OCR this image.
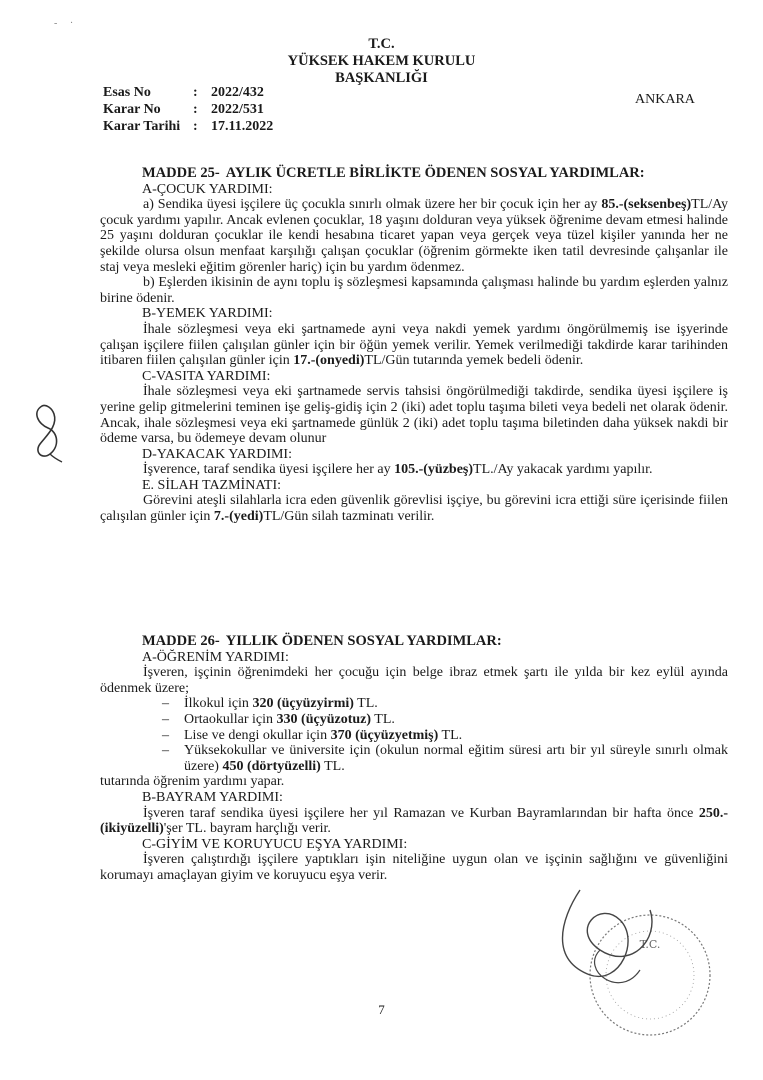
-     ·
T.C.
YÜKSEK HAKEM KURULU
BAŞKANLIĞI
Esas No	: 2022/432
Karar No	: 2022/531
Karar Tarihi : 17.11.2022
ANKARA
MADDE 25- AYLIK ÜCRETLE BİRLİKTE ÖDENEN SOSYAL YARDIMLAR:
A-ÇOCUK YARDIMI:
a) Sendika üyesi işçilere üç çocukla sınırlı olmak üzere her bir çocuk için her ay 85.-(seksenbeş)TL/Ay çocuk yardımı yapılır. Ancak evlenen çocuklar, 18 yaşını dolduran veya yüksek öğrenime devam etmesi halinde 25 yaşını dolduran çocuklar ile kendi hesabına ticaret yapan veya gerçek veya tüzel kişiler yanında her ne şekilde olursa olsun menfaat karşılığı çalışan çocuklar (öğrenim görmekte iken tatil devresinde çalışanlar ile staj veya mesleki eğitim görenler hariç) için bu yardım ödenmez.
b) Eşlerden ikisinin de aynı toplu iş sözleşmesi kapsamında çalışması halinde bu yardım eşlerden yalnız birine ödenir.
B-YEMEK YARDIMI:
İhale sözleşmesi veya eki şartnamede ayni veya nakdi yemek yardımı öngörülmemiş ise işyerinde çalışan işçilere fiilen çalışılan günler için bir öğün yemek verilir. Yemek verilmediği takdirde karar tarihinden itibaren fiilen çalışılan günler için 17.-(onyedi)TL/Gün tutarında yemek bedeli ödenir.
C-VASITA YARDIMI:
İhale sözleşmesi veya eki şartnamede servis tahsisi öngörülmediği takdirde, sendika üyesi işçilere iş yerine gelip gitmelerini teminen işe geliş-gidiş için 2 (iki) adet toplu taşıma bileti veya bedeli net olarak ödenir. Ancak, ihale sözleşmesi veya eki şartnamede günlük 2 (iki) adet toplu taşıma biletinden daha yüksek nakdi bir ödeme varsa, bu ödemeye devam olunur
D-YAKACAK YARDIMI:
İşverence, taraf sendika üyesi işçilere her ay 105.-(yüzbeş)TL./Ay yakacak yardımı yapılır.
E. SİLAH TAZMİNATI:
Görevini ateşli silahlarla icra eden güvenlik görevlisi işçiye, bu görevini icra ettiği süre içerisinde fiilen çalışılan günler için 7.-(yedi)TL/Gün silah tazminatı verilir.
MADDE 26- YILLIK ÖDENEN SOSYAL YARDIMLAR:
A-ÖĞRENİM YARDIMI:
İşveren, işçinin öğrenimdeki her çocuğu için belge ibraz etmek şartı ile yılda bir kez eylül ayında ödenmek üzere;
– İlkokul için 320 (üçyüzyirmi) TL.
– Ortaokullar için 330 (üçyüzotuz) TL.
– Lise ve dengi okullar için 370 (üçyüzyetmiş) TL.
– Yüksekokullar ve üniversite için (okulun normal eğitim süresi artı bir yıl süreyle sınırlı olmak üzere) 450 (dörtyüzelli) TL.
tutarında öğrenim yardımı yapar.
B-BAYRAM YARDIMI:
İşveren taraf sendika üyesi işçilere her yıl Ramazan ve Kurban Bayramlarından bir hafta önce 250.-(ikiyüzelli)'şer TL. bayram harçlığı verir.
C-GİYİM VE KORUYUCU EŞYA YARDIMI:
İşveren çalıştırdığı işçilere yaptıkları işin niteliğine uygun olan ve işçinin sağlığını ve güvenliğini korumayı amaçlayan giyim ve koruyucu eşya verir.
T.C.
7
